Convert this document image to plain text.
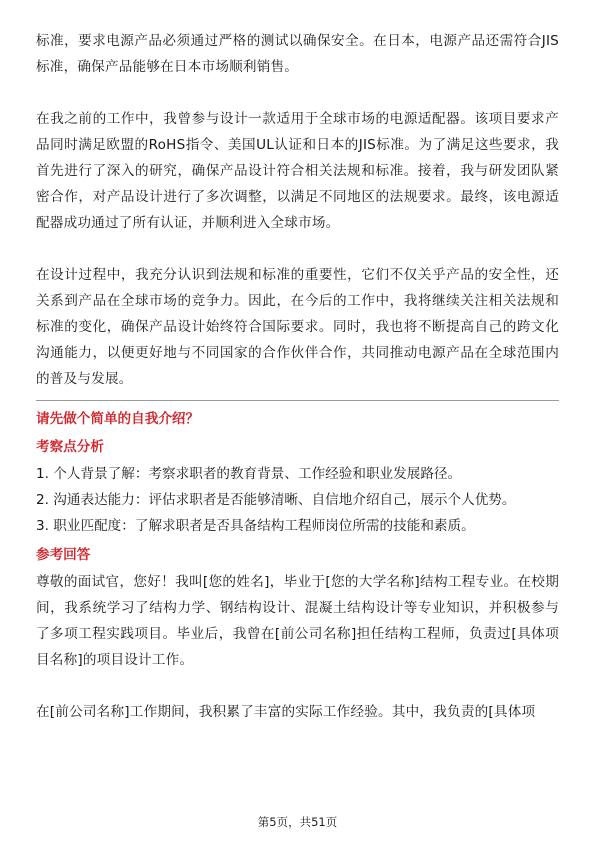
标准，要求电源产品必须通过严格的测试以确保安全。在日本，电源产品还需符合JIS标准，确保产品能够在日本市场顺利销售。

在我之前的工作中，我曾参与设计一款适用于全球市场的电源适配器。该项目要求产品同时满足欧盟的RoHS指令、美国UL认证和日本的JIS标准。为了满足这些要求，我首先进行了深入的研究，确保产品设计符合相关法规和标准。接着，我与研发团队紧密合作，对产品设计进行了多次调整，以满足不同地区的法规要求。最终，该电源适配器成功通过了所有认证，并顺利进入全球市场。

在设计过程中，我充分认识到法规和标准的重要性，它们不仅关乎产品的安全性，还关系到产品在全球市场的竞争力。因此，在今后的工作中，我将继续关注相关法规和标准的变化，确保产品设计始终符合国际要求。同时，我也将不断提高自己的跨文化沟通能力，以便更好地与不同国家的合作伙伴合作，共同推动电源产品在全球范围内的普及与发展。

请先做个简单的自我介绍？

考察点分析

1. 个人背景了解：考察求职者的教育背景、工作经验和职业发展路径。

2. 沟通表达能力：评估求职者是否能够清晰、自信地介绍自己，展示个人优势。

3. 职业匹配度：了解求职者是否具备结构工程师岗位所需的技能和素质。

参考回答

尊敬的面试官，您好！我叫[您的姓名]，毕业于[您的大学名称]结构工程专业。在校期间，我系统学习了结构力学、钢结构设计、混凝土结构设计等专业知识，并积极参与了多项工程实践项目。毕业后，我曾在[前公司名称]担任结构工程师，负责过[具体项目名称]的项目设计工作。

在[前公司名称]工作期间，我积累了丰富的实际工作经验。其中，我负责的[具体项

第5页，共51页
